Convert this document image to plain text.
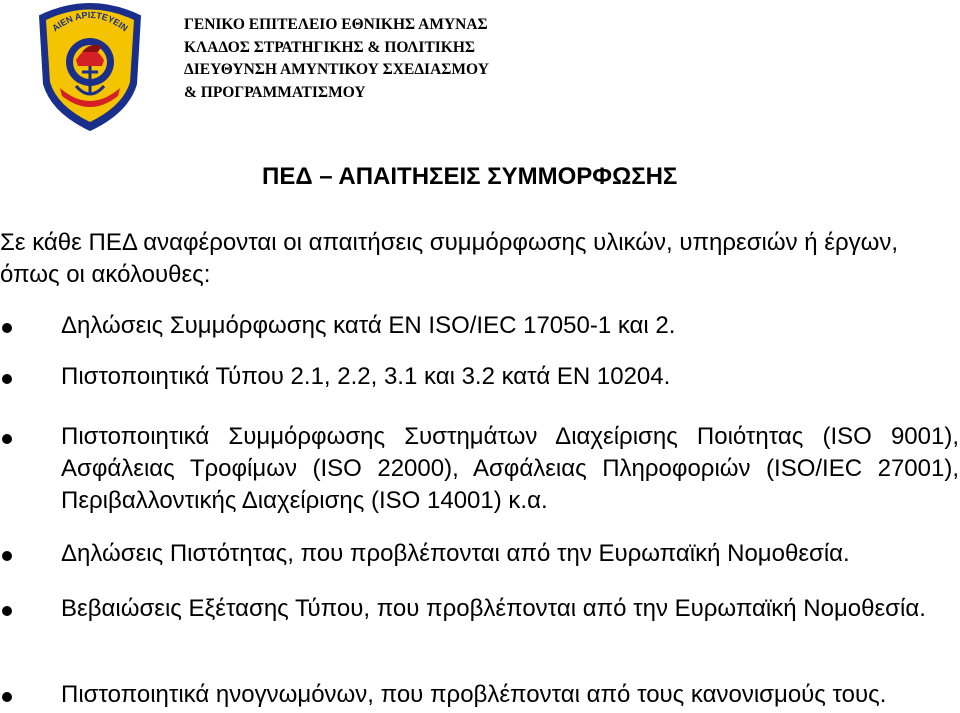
ΑΙΕΝ ΑΡΙΣΤΕΥΕΙΝ	ΓΕΝΙΚΟ ΕΠΙΤΕΛΕΙΟ ΕΘΝΙΚΗΣ ΑΜΥΝΑΣ
ΚΛΑΔΟΣ ΣΤΡΑΤΗΓΙΚΗΣ & ΠΟΛΙΤΙΚΗΣ
ΔΙΕΥΘΥΝΣΗ ΑΜΥΝΤΙΚΟΥ ΣΧΕΔΙΑΣΜΟΥ
& ΠΡΟΓΡΑΜΜΑΤΙΣΜΟΥ
ΠΕΔ – ΑΠΑΙΤΗΣΕΙΣ ΣΥΜΜΟΡΦΩΣΗΣ
Σε κάθε ΠΕΔ αναφέρονται οι απαιτήσεις συμμόρφωσης υλικών, υπηρεσιών ή έργων, όπως οι ακόλουθες:
Δηλώσεις Συμμόρφωσης κατά ΕΝ ISO/IEC 17050-1 και 2.
Πιστοποιητικά Τύπου 2.1, 2.2, 3.1 και 3.2 κατά ΕΝ 10204.
Πιστοποιητικά Συμμόρφωσης Συστημάτων Διαχείρισης Ποιότητας (ISO 9001), Ασφάλειας Τροφίμων (ISO 22000), Ασφάλειας Πληροφοριών (ISO/IEC 27001), Περιβαλλοντικής Διαχείρισης (ISO 14001) κ.α.
Δηλώσεις Πιστότητας, που προβλέπονται από την Ευρωπαϊκή Νομοθεσία.
Βεβαιώσεις Εξέτασης Τύπου, που προβλέπονται από την Ευρωπαϊκή Νομοθεσία.
Πιστοποιητικά ηνογνωμόνων, που προβλέπονται από τους κανονισμούς τους.
